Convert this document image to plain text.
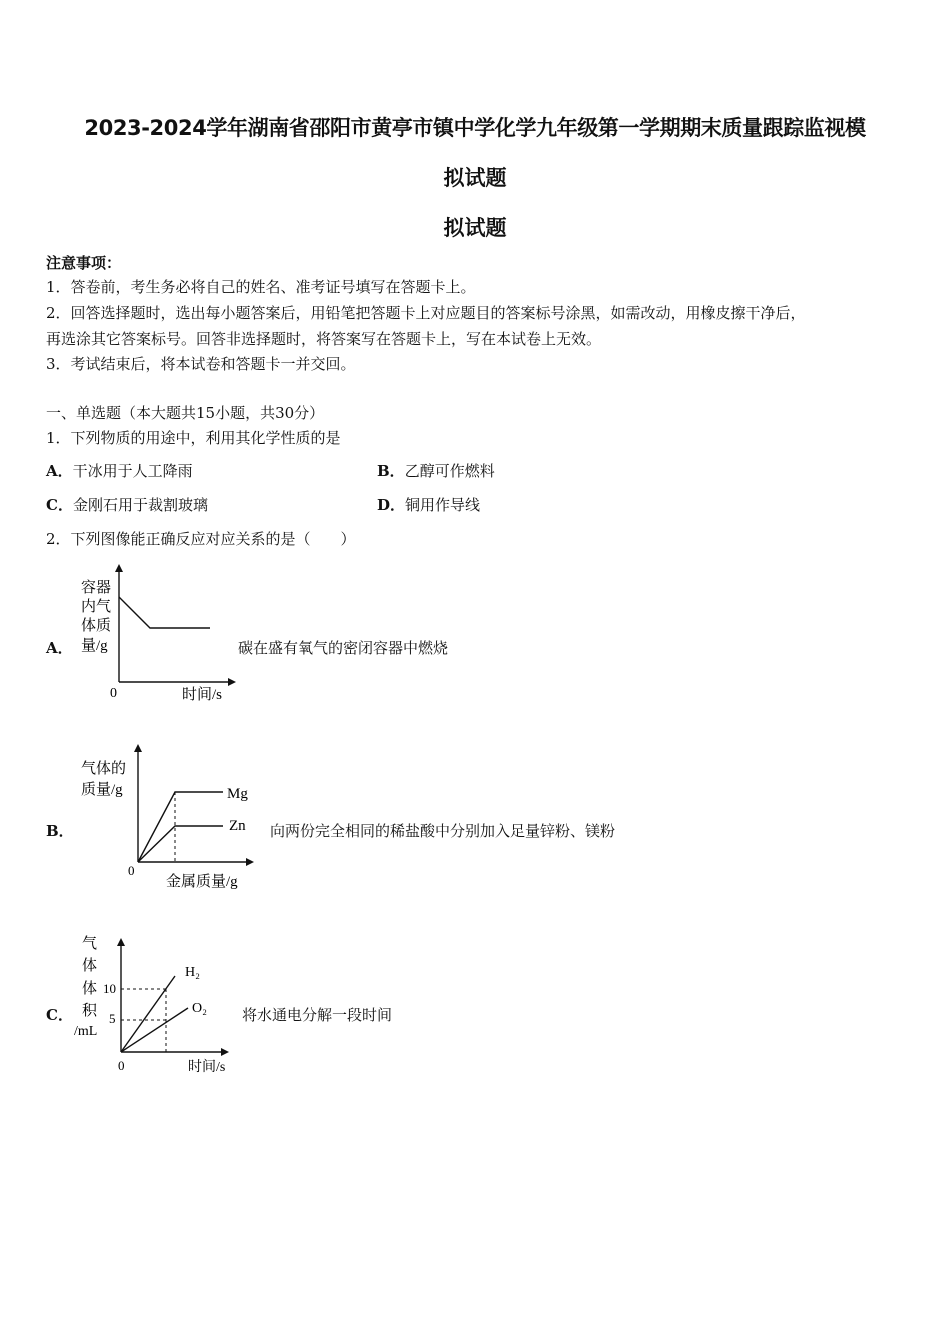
2023-2024学年湖南省邵阳市黄亭市镇中学化学九年级第一学期期末质量跟踪监视模
拟试题
拟试题
注意事项：
1．答卷前，考生务必将自己的姓名、准考证号填写在答题卡上。
2．回答选择题时，选出每小题答案后，用铅笔把答题卡上对应题目的答案标号涂黑，如需改动，用橡皮擦干净后，
再选涂其它答案标号。回答非选择题时，将答案写在答题卡上，写在本试卷上无效。
3．考试结束后，将本试卷和答题卡一并交回。
一、单选题（本大题共15小题，共30分）
1．下列物质的用途中，利用其化学性质的是
A．干冰用于人工降雨	B．乙醇可作燃料
C．金刚石用于裁割玻璃	D．铜用作导线
2．下列图像能正确反应对应关系的是（　　）
A．
容器
内气
体质
量/g
0	时间/s
碳在盛有氧气的密闭容器中燃烧
B．
气体的
质量/g
0
金属质量/g
Mg
Zn 向两份完全相同的稀盐酸中分别加入足量锌粉、镁粉
C．
气
体
体
积
/mL
10
5
0	时间/s
H₂
O₂ 将水通电分解一段时间
